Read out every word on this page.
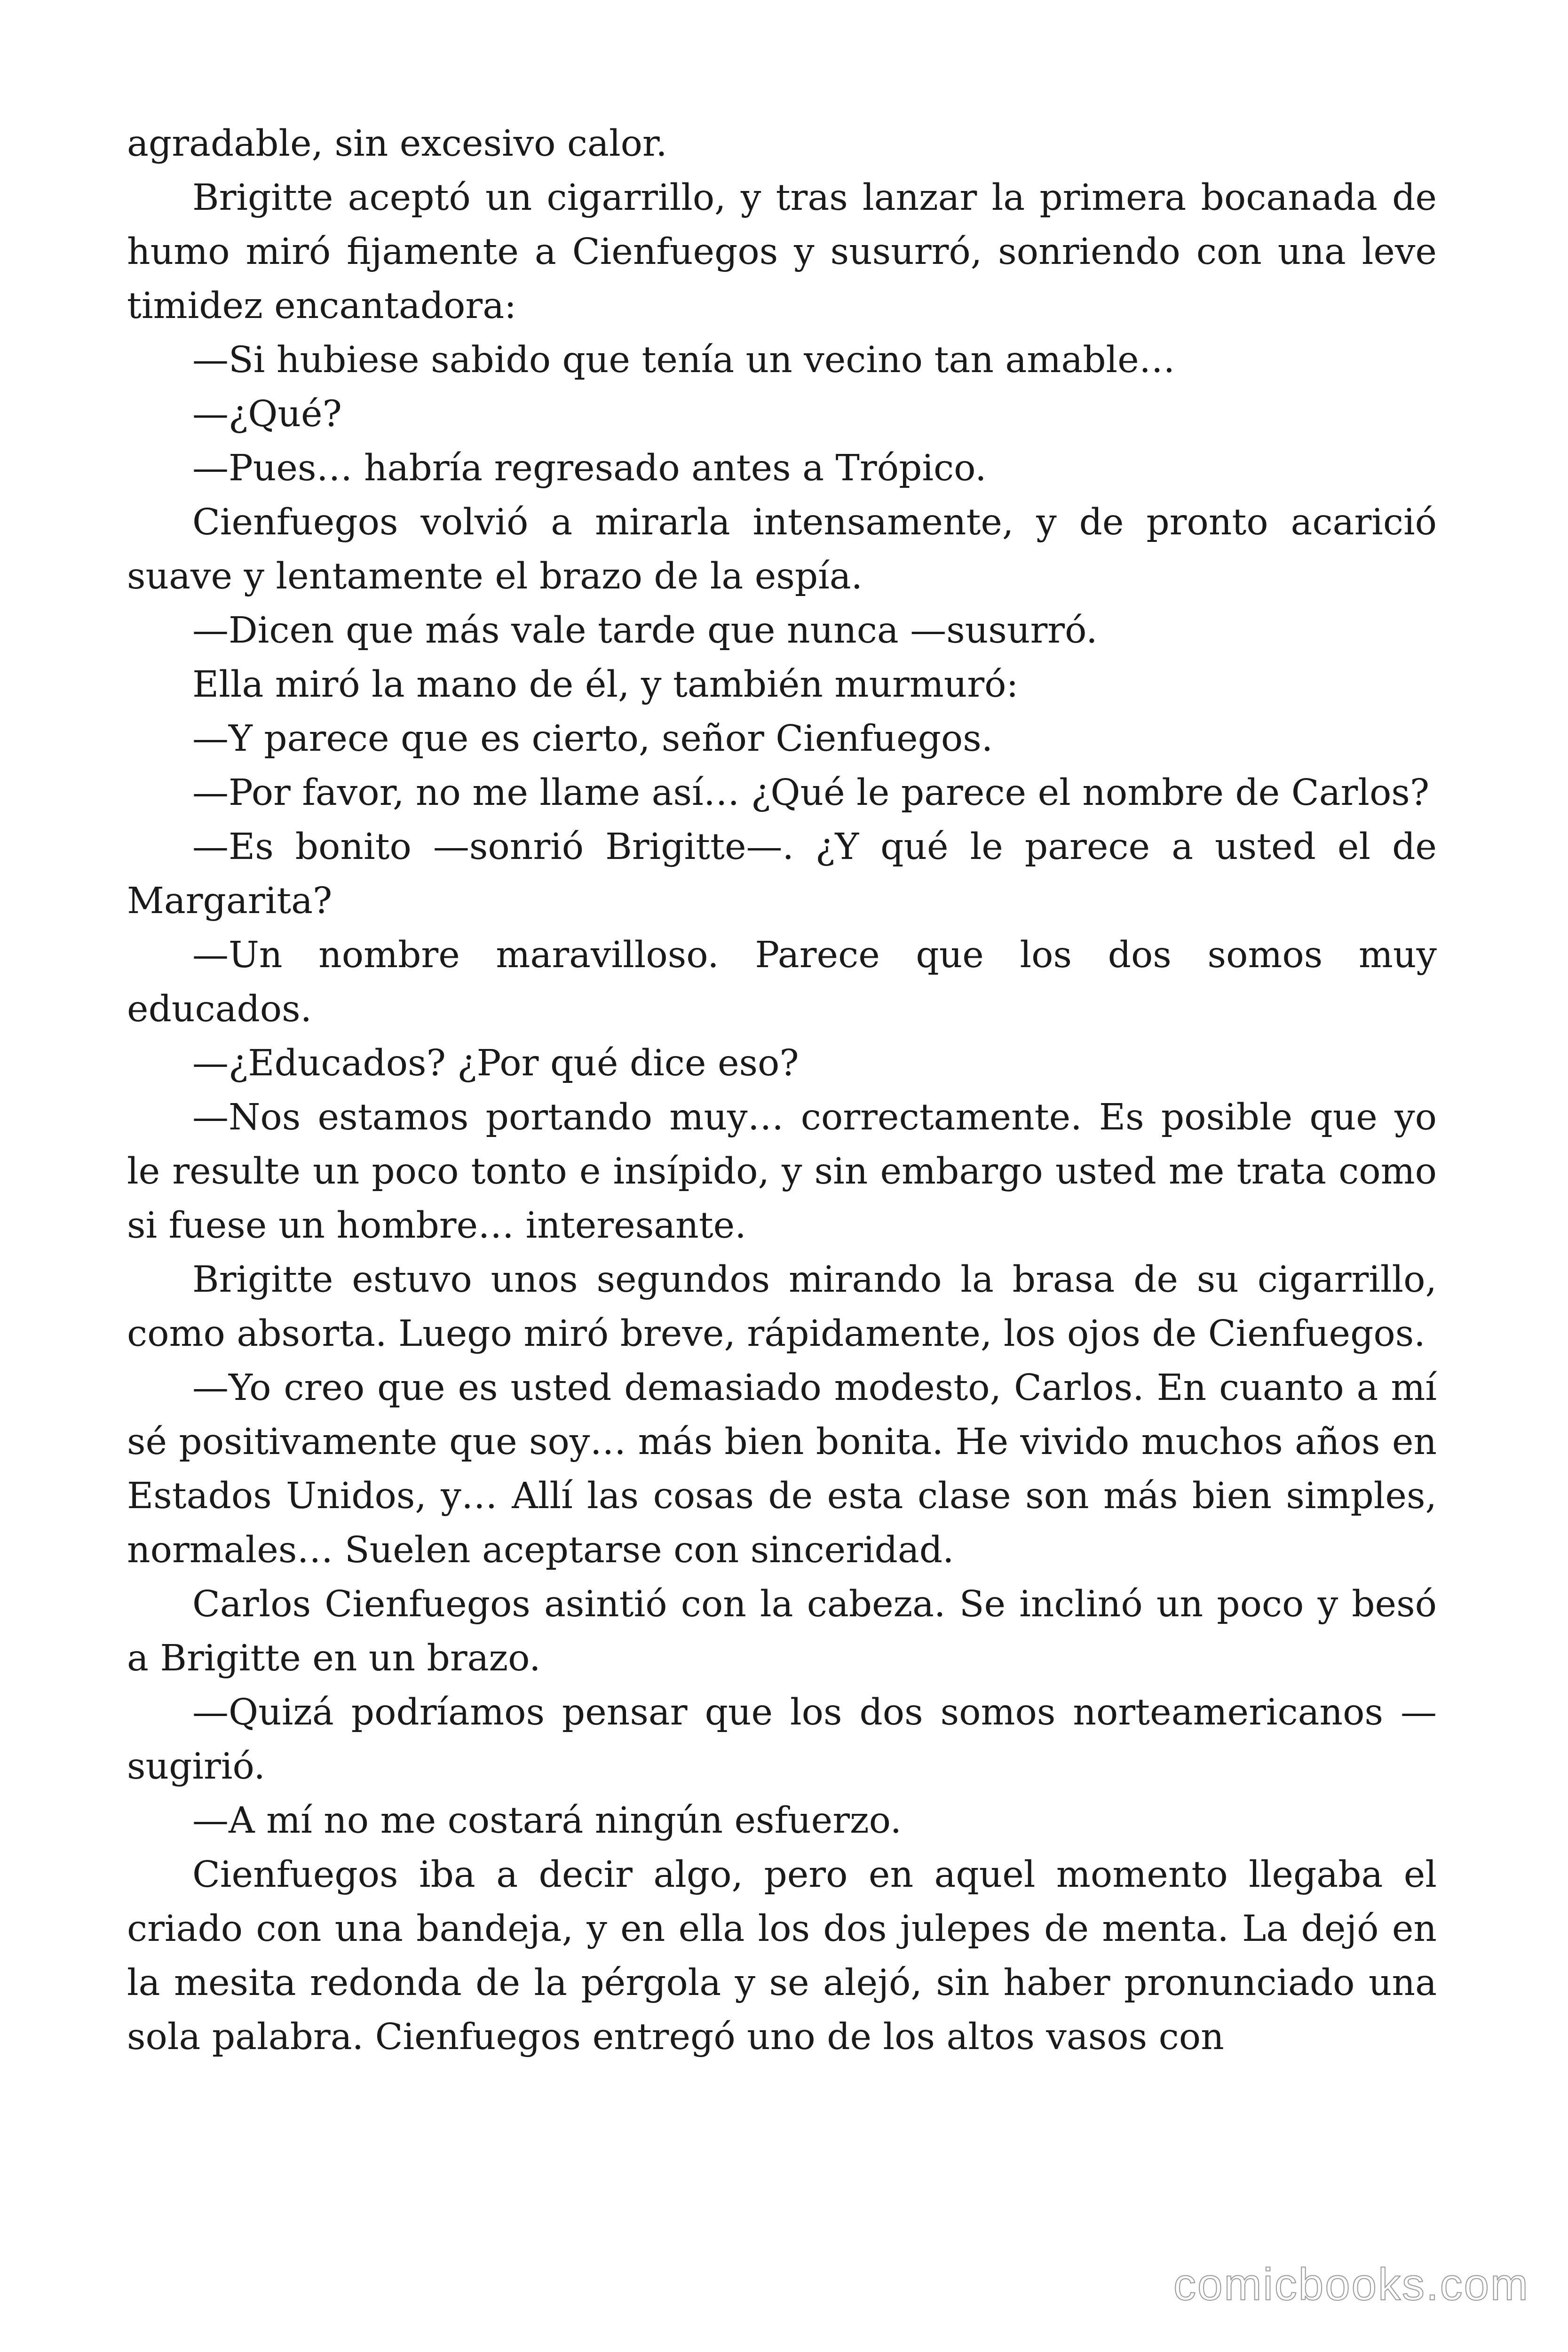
agradable, sin excesivo calor.

Brigitte aceptó un cigarrillo, y tras lanzar la primera bocanada de humo miró fijamente a Cienfuegos y susurró, sonriendo con una leve timidez encantadora:

—Si hubiese sabido que tenía un vecino tan amable…

—¿Qué?

—Pues… habría regresado antes a Trópico.

Cienfuegos volvió a mirarla intensamente, y de pronto acarició suave y lentamente el brazo de la espía.

—Dicen que más vale tarde que nunca —susurró.

Ella miró la mano de él, y también murmuró:

—Y parece que es cierto, señor Cienfuegos.

—Por favor, no me llame así… ¿Qué le parece el nombre de Carlos?

—Es bonito —sonrió Brigitte—. ¿Y qué le parece a usted el de Margarita?

—Un nombre maravilloso. Parece que los dos somos muy educados.

—¿Educados? ¿Por qué dice eso?

—Nos estamos portando muy… correctamente. Es posible que yo le resulte un poco tonto e insípido, y sin embargo usted me trata como si fuese un hombre… interesante.

Brigitte estuvo unos segundos mirando la brasa de su cigarrillo, como absorta. Luego miró breve, rápidamente, los ojos de Cienfuegos.

—Yo creo que es usted demasiado modesto, Carlos. En cuanto a mí sé positivamente que soy… más bien bonita. He vivido muchos años en Estados Unidos, y… Allí las cosas de esta clase son más bien simples, normales… Suelen aceptarse con sinceridad.

Carlos Cienfuegos asintió con la cabeza. Se inclinó un poco y besó a Brigitte en un brazo.

—Quizá podríamos pensar que los dos somos norteamericanos —sugirió.

—A mí no me costará ningún esfuerzo.

Cienfuegos iba a decir algo, pero en aquel momento llegaba el criado con una bandeja, y en ella los dos julepes de menta. La dejó en la mesita redonda de la pérgola y se alejó, sin haber pronunciado una sola palabra. Cienfuegos entregó uno de los altos vasos con

comicbooks.com
